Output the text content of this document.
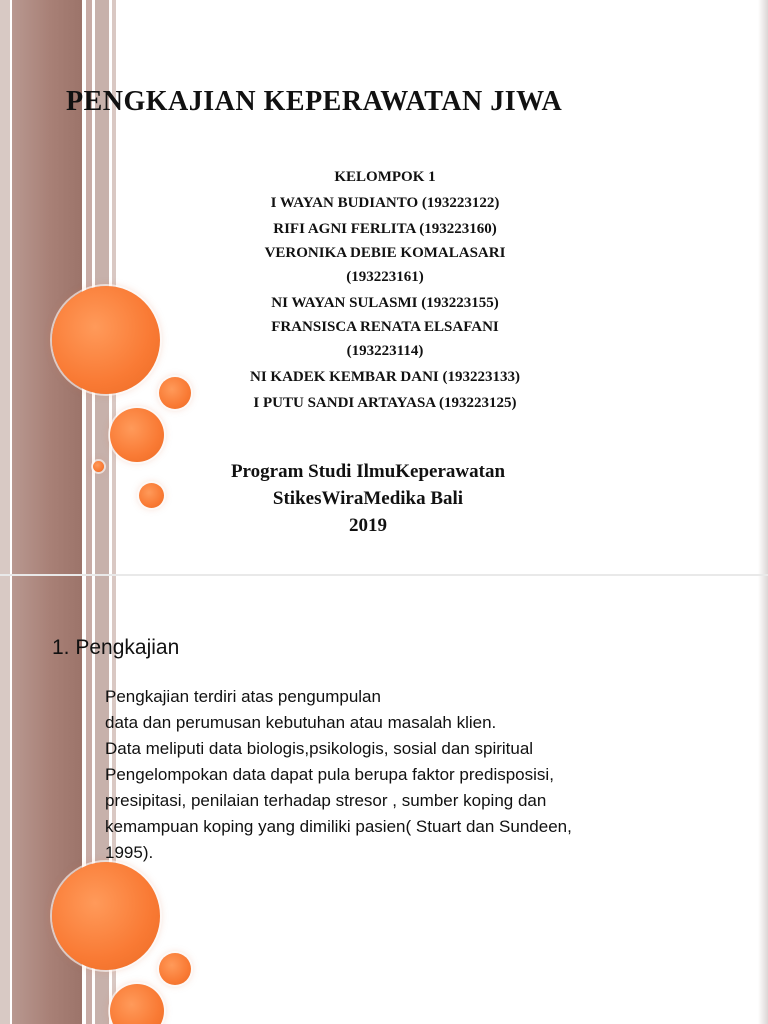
PENGKAJIAN KEPERAWATAN JIWA
KELOMPOK 1
I WAYAN BUDIANTO (193223122)
RIFI AGNI FERLITA (193223160)
VERONIKA DEBIE KOMALASARI
(193223161)
NI WAYAN SULASMI (193223155)
FRANSISCA RENATA ELSAFANI
(193223114)
NI KADEK KEMBAR DANI (193223133)
I PUTU SANDI ARTAYASA (193223125)
Program Studi IlmuKeperawatan
StikesWiraMedika Bali
2019
1. Pengkajian
Pengkajian terdiri atas pengumpulan
data dan perumusan kebutuhan atau masalah klien.
Data meliputi data biologis,psikologis, sosial dan spiritual
Pengelompokan data dapat pula berupa faktor predisposisi,
presipitasi, penilaian terhadap stresor , sumber koping dan
kemampuan koping yang dimiliki pasien( Stuart dan Sundeen,
1995).
